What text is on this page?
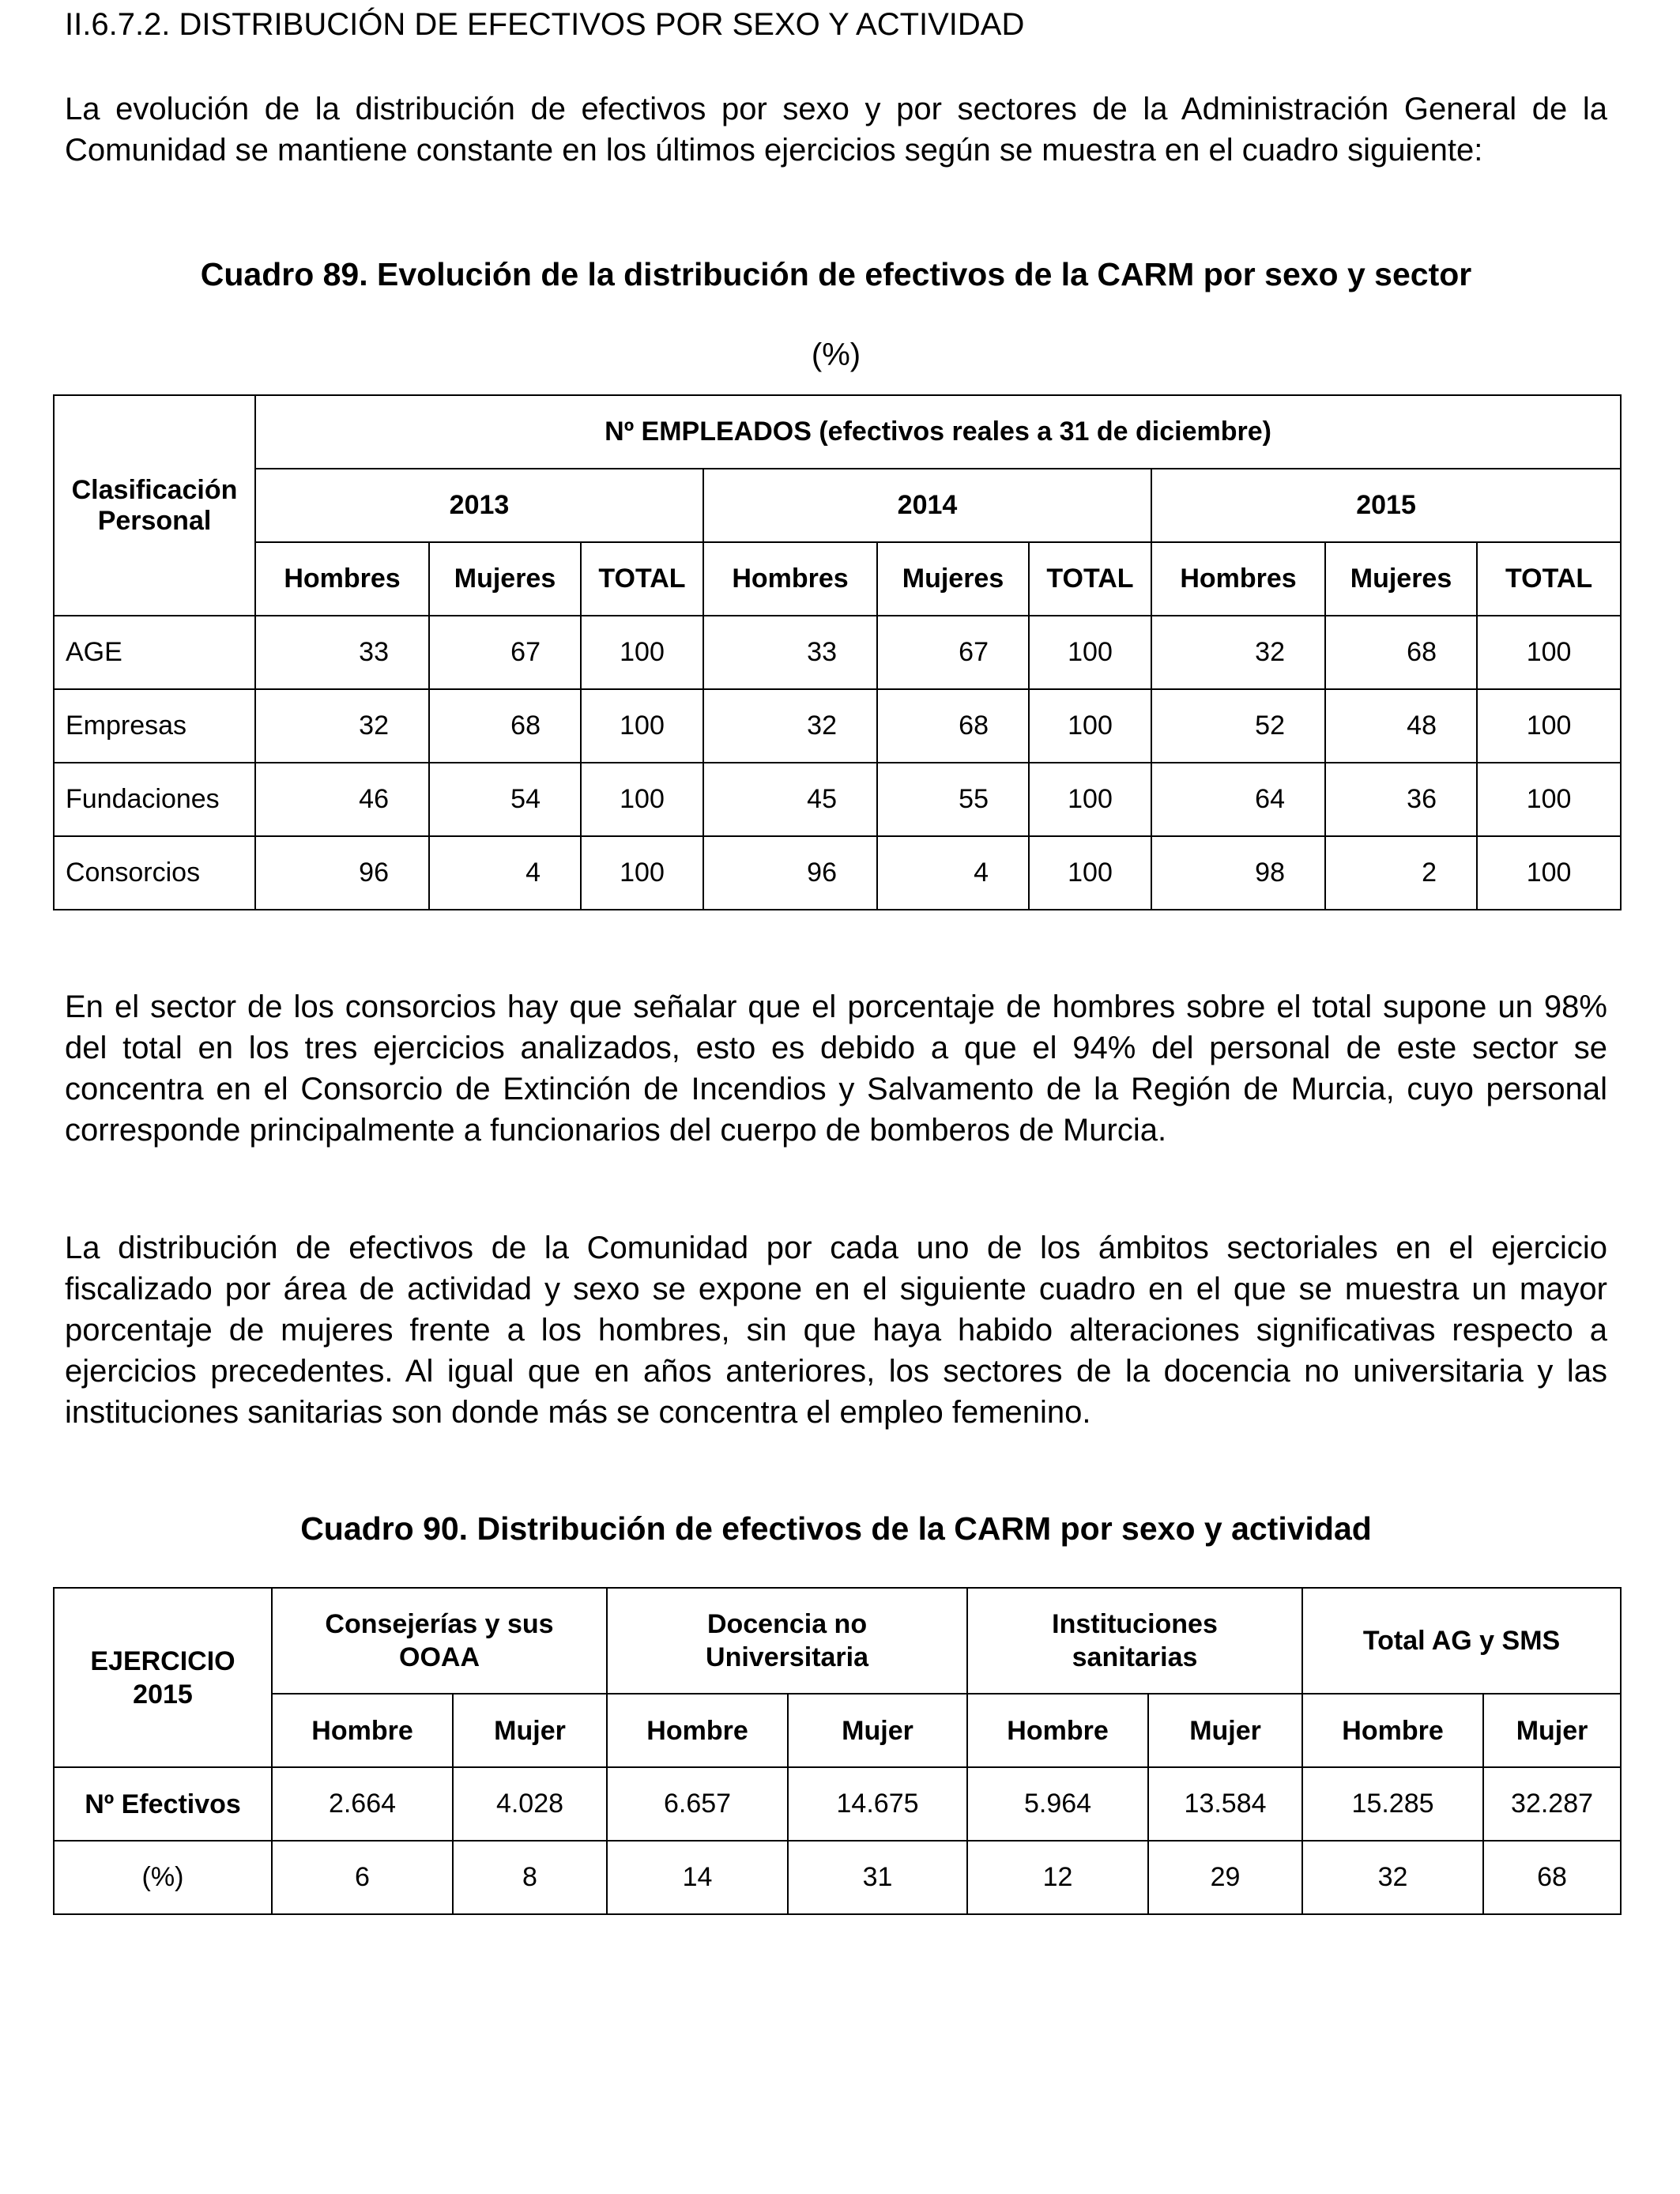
II.6.7.2. DISTRIBUCIÓN DE EFECTIVOS POR SEXO Y ACTIVIDAD

La evolución de la distribución de efectivos por sexo y por sectores de la Administración General de la Comunidad se mantiene constante en los últimos ejercicios según se muestra en el cuadro siguiente:

Cuadro 89. Evolución de la distribución de efectivos de la CARM por sexo y sector
(%)
Clasificación Personal	Nº EMPLEADOS (efectivos reales a 31 de diciembre)								
	2013			2014			2015		
	Hombres	Mujeres	TOTAL	Hombres	Mujeres	TOTAL	Hombres	Mujeres	TOTAL
AGE	33	67	100	33	67	100	32	68	100
Empresas	32	68	100	32	68	100	52	48	100
Fundaciones	46	54	100	45	55	100	64	36	100
Consorcios	96	4	100	96	4	100	98	2	100

En el sector de los consorcios hay que señalar que el porcentaje de hombres sobre el total supone un 98% del total en los tres ejercicios analizados, esto es debido a que el 94% del personal de este sector se concentra en el Consorcio de Extinción de Incendios y Salvamento de la Región de Murcia, cuyo personal corresponde principalmente a funcionarios del cuerpo de bomberos de Murcia.

La distribución de efectivos de la Comunidad por cada uno de los ámbitos sectoriales en el ejercicio fiscalizado por área de actividad y sexo se expone en el siguiente cuadro en el que se muestra un mayor porcentaje de mujeres frente a los hombres, sin que haya habido alteraciones significativas respecto a ejercicios precedentes. Al igual que en años anteriores, los sectores de la docencia no universitaria y las instituciones sanitarias son donde más se concentra el empleo femenino.

Cuadro 90. Distribución de efectivos de la CARM por sexo y actividad
EJERCICIO 2015	Consejerías y sus OOAA		Docencia no Universitaria		Instituciones sanitarias		Total AG y SMS	
	Hombre	Mujer	Hombre	Mujer	Hombre	Mujer	Hombre	Mujer
Nº Efectivos	2.664	4.028	6.657	14.675	5.964	13.584	15.285	32.287
(%)	6	8	14	31	12	29	32	68
